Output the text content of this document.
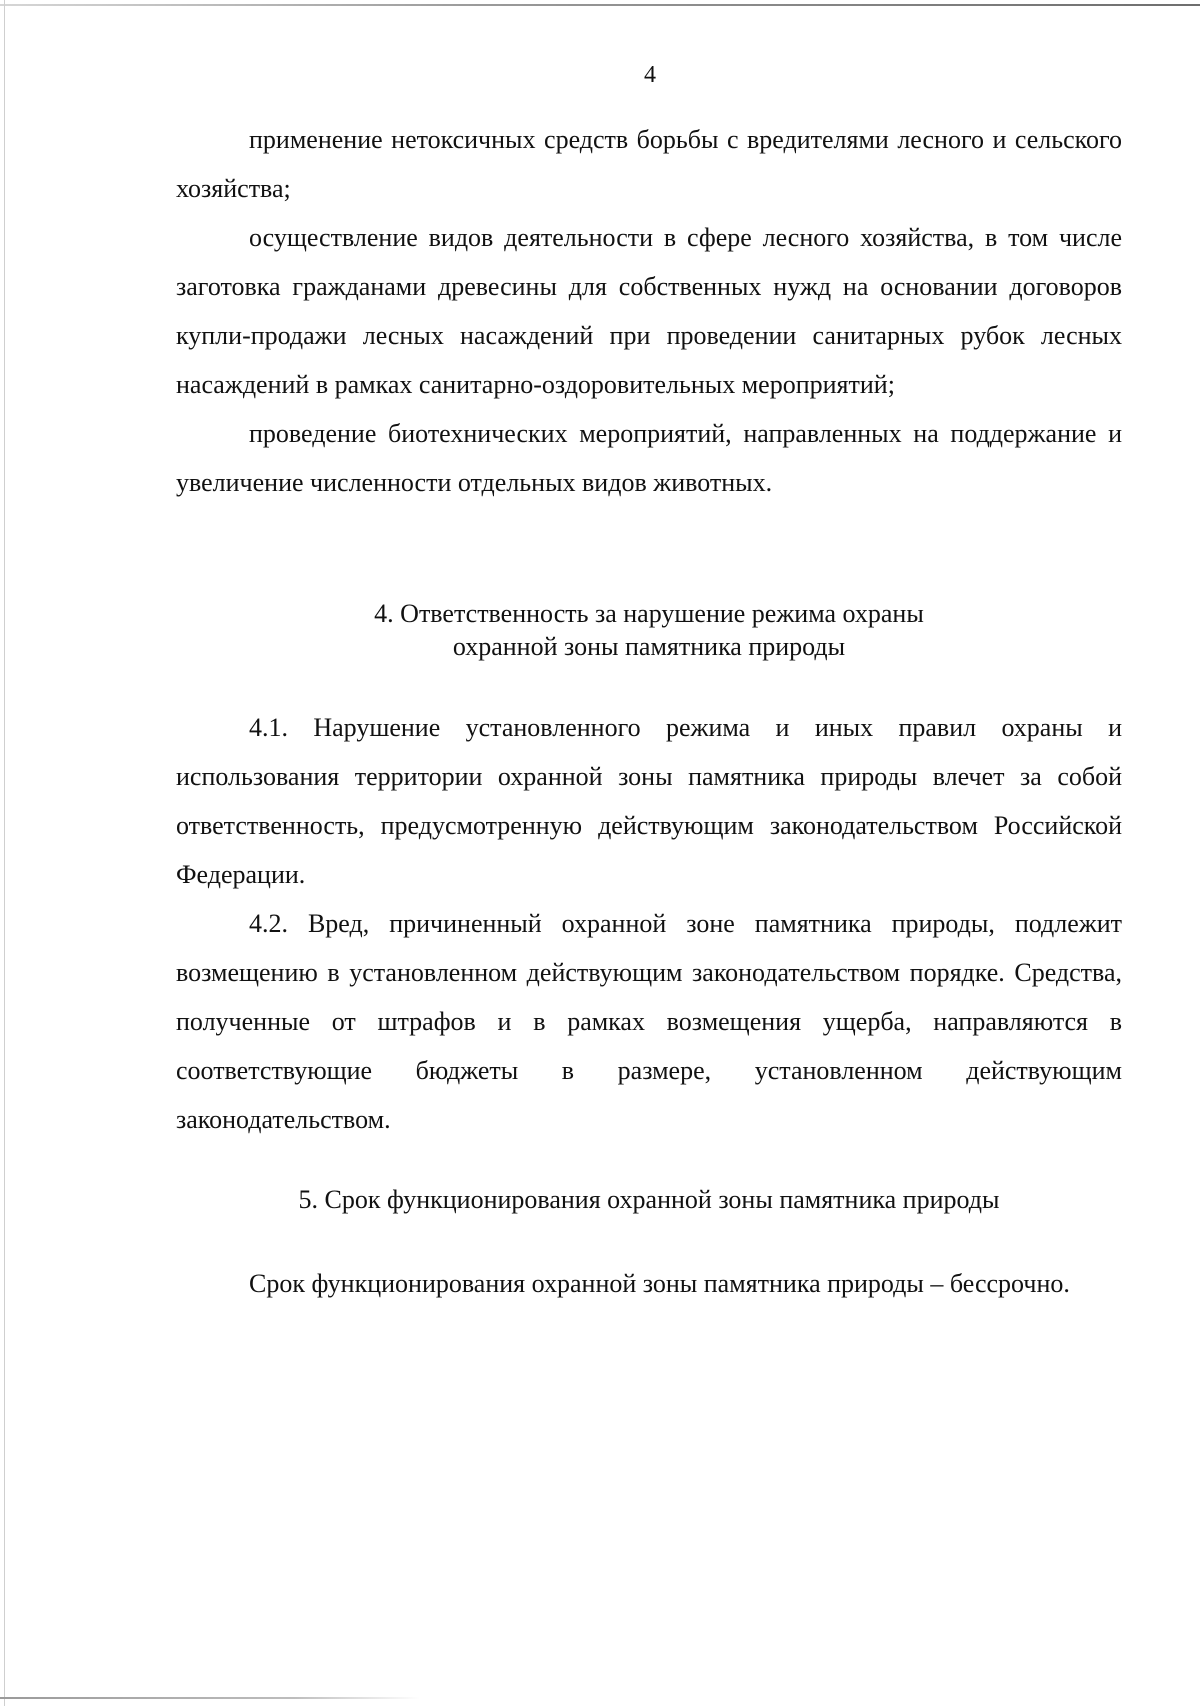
4

применение нетоксичных средств борьбы с вредителями лесного и сельского хозяйства;

осуществление видов деятельности в сфере лесного хозяйства, в том числе заготовка гражданами древесины для собственных нужд на основании договоров купли-продажи лесных насаждений при проведении санитарных рубок лесных насаждений в рамках санитарно-оздоровительных мероприятий;

проведение биотехнических мероприятий, направленных на поддержание и увеличение численности отдельных видов животных.

4. Ответственность за нарушение режима охраны
охранной зоны памятника природы

4.1. Нарушение установленного режима и иных правил охраны и использования территории охранной зоны памятника природы влечет за собой ответственность, предусмотренную действующим законодательством Российской Федерации.

4.2. Вред, причиненный охранной зоне памятника природы, подлежит возмещению в установленном действующим законодательством порядке. Средства, полученные от штрафов и в рамках возмещения ущерба, направляются в соответствующие бюджеты в размере, установленном действующим законодательством.

5. Срок функционирования охранной зоны памятника природы

Срок функционирования охранной зоны памятника природы – бессрочно.
